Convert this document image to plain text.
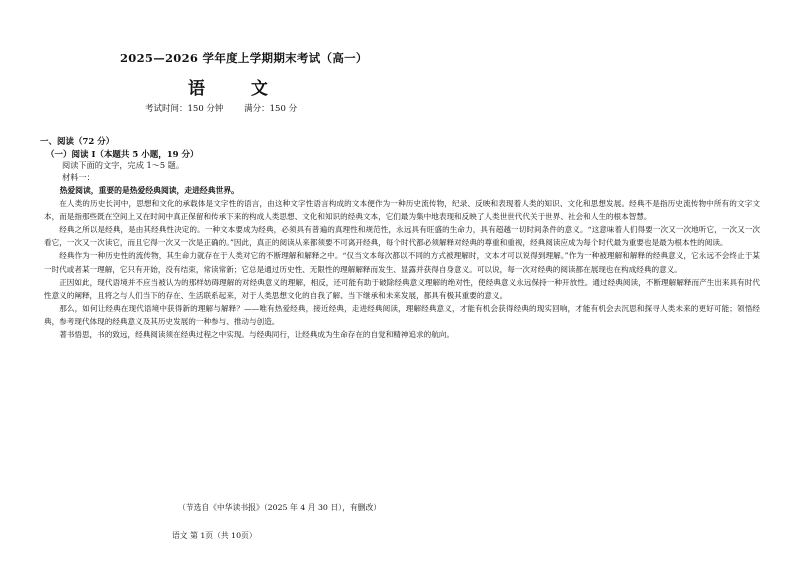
2025—2026 学年度上学期期末考试（高一）
语 文
考试时间：150 分钟 满分：150 分
一、阅读（72 分）
（一）阅读 I（本题共 5 小题，19 分）
阅读下面的文字，完成 1～5 题。
材料一：

热爱阅读，重要的是热爱经典阅读，走进经典世界。

在人类的历史长河中，思想和文化的承载体是文字性的语言，由这种文字性语言构成的文本便作为一种历史流传物，纪录、反映和表现着人类的知识、文化和思想发展。经典不是指历史流传物中所有的文字文本，而是指那些既在空间上又在时间中真正保留和传承下来的构成人类思想、文化和知识的经典文本，它们最为集中地表现和反映了人类世世代代关于世界、社会和人生的根本智慧。

经典之所以是经典，是由其经典性决定的。一种文本要成为经典，必须具有普遍的真理性和规范性，永远具有旺盛的生命力，具有超越一切时间条件的意义。“这意味着人们得要一次又一次地听它，一次又一次看它，一次又一次读它，而且它得一次又一次是正确的。”因此，真正的阅读从来都须要不可离开经典，每个时代都必须解释对经典的尊重和重视，经典阅读应成为每个时代最为重要也是最为根本性的阅读。

经典作为一种历史性的流传物，其生命力就存在于人类对它的不断理解和解释之中。“仅当文本每次都以不同的方式被理解时，文本才可以说得到理解。”作为一种被理解和解释的经典意义，它永远不会终止于某一时代或者某一理解，它只有开始，没有结束，常读常新；它总是通过历史性、无限性的理解解释而发生、显露并获得自身意义。可以说，每一次对经典的阅读都在展现也在构成经典的意义。

正因如此，现代语境并不应当被认为的那样妨碍理解的对经典意义的理解，相反，还可能有助于破除经典意义理解的绝对性，使经典意义永远保持一种开放性。通过经典阅读，不断理解解释而产生出来具有时代性意义的阐释，且将之与人们当下的存在、生活联系起来，对于人类思想文化的自我了解、当下继承和未来发展，都具有极其重要的意义。

那么，如何让经典在现代语境中获得新的理解与解释？——唯有热爱经典，接近经典，走进经典阅读，理解经典意义，才能有机会获得经典的现实回响，才能有机会去沉思和探寻人类未来的更好可能；领悟经典，参考现代体现的经典意义及其历史发展的一种参与、推动与创造。

著书悟思，书的致远，经典阅读须在经典过程之中实现。与经典同行，让经典成为生命存在的自觉和精神追求的航向。

（节选自《中华读书报》（2025 年 4 月 30 日），有删改）
语文 第 1页（共 10页）
